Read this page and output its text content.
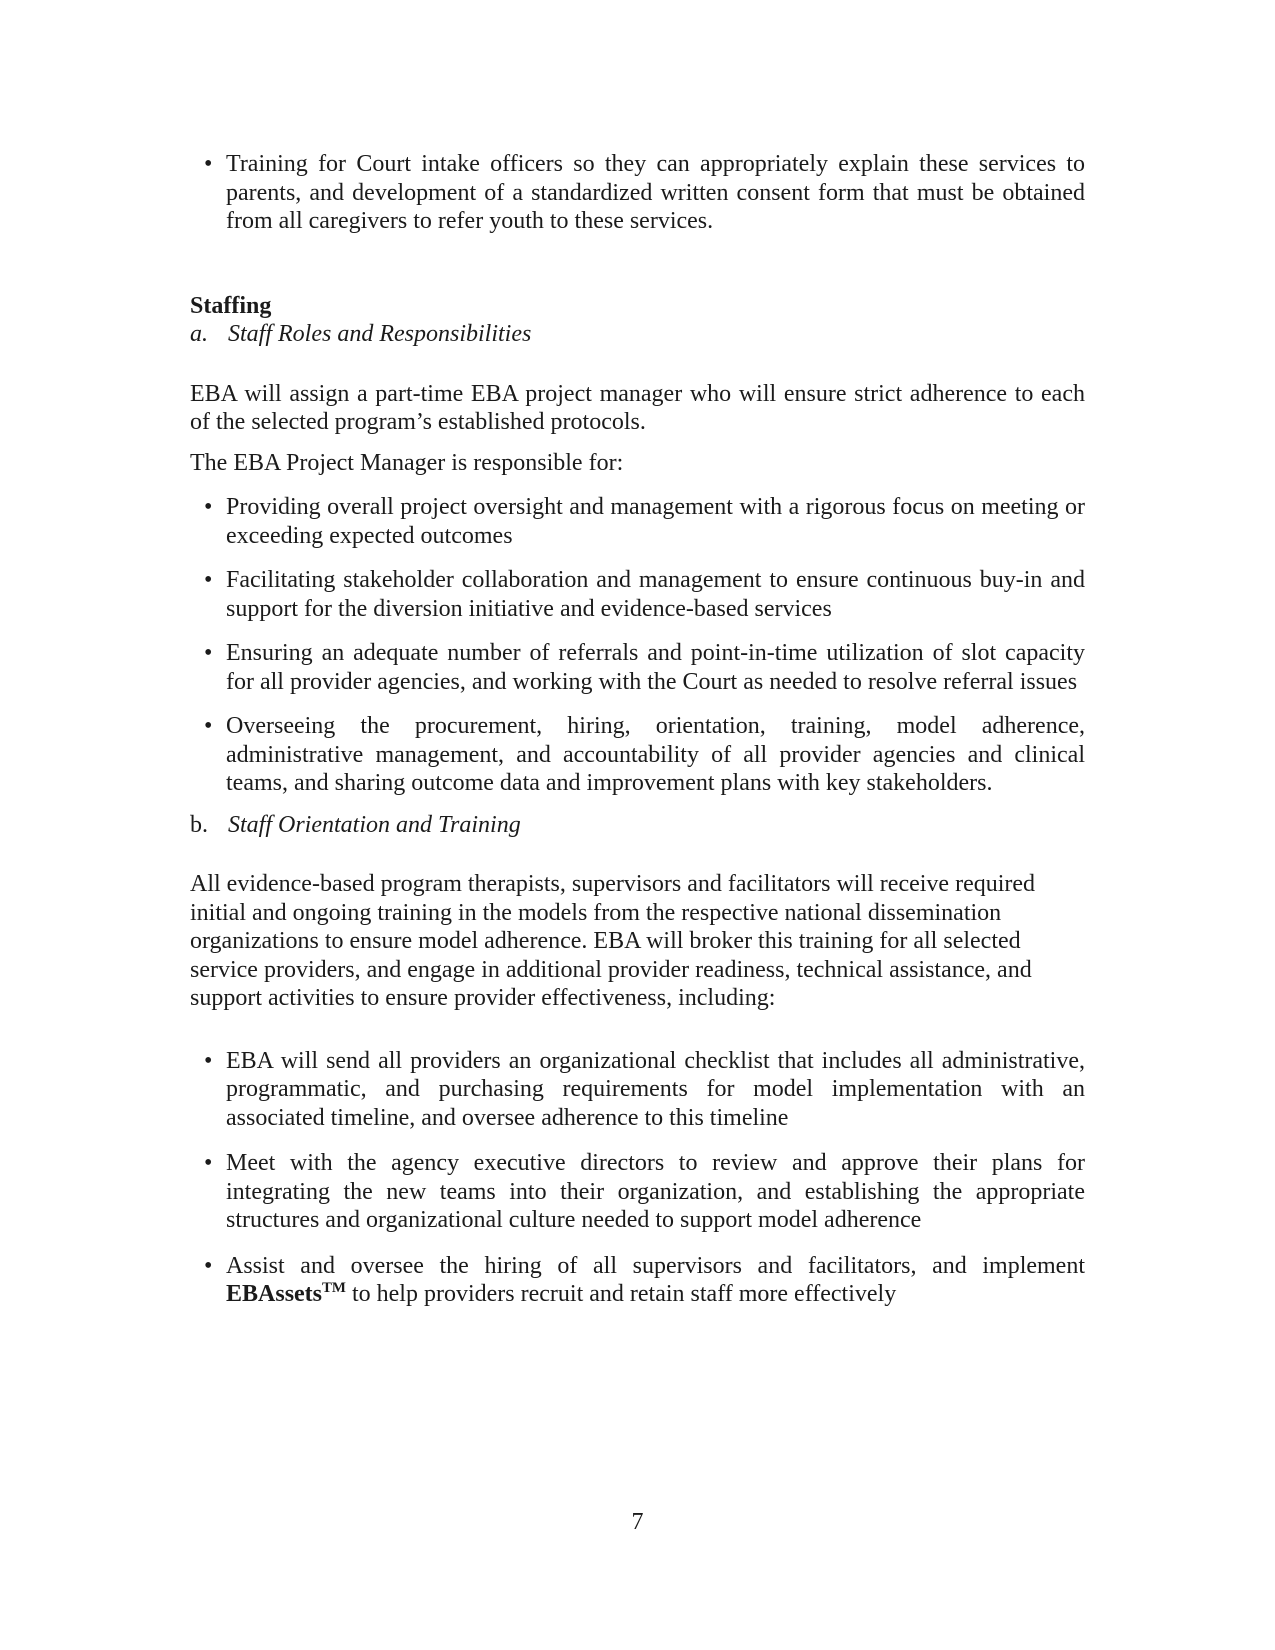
• Training for Court intake officers so they can appropriately explain these services to parents, and development of a standardized written consent form that must be obtained from all caregivers to refer youth to these services.

Staffing

a. Staff Roles and Responsibilities

EBA will assign a part-time EBA project manager who will ensure strict adherence to each of the selected program’s established protocols.

The EBA Project Manager is responsible for:

• Providing overall project oversight and management with a rigorous focus on meeting or exceeding expected outcomes
• Facilitating stakeholder collaboration and management to ensure continuous buy-in and support for the diversion initiative and evidence-based services
• Ensuring an adequate number of referrals and point-in-time utilization of slot capacity for all provider agencies, and working with the Court as needed to resolve referral issues
• Overseeing the procurement, hiring, orientation, training, model adherence, administrative management, and accountability of all provider agencies and clinical teams, and sharing outcome data and improvement plans with key stakeholders.

b. Staff Orientation and Training

All evidence-based program therapists, supervisors and facilitators will receive required initial and ongoing training in the models from the respective national dissemination organizations to ensure model adherence. EBA will broker this training for all selected service providers, and engage in additional provider readiness, technical assistance, and support activities to ensure provider effectiveness, including:

• EBA will send all providers an organizational checklist that includes all administrative, programmatic, and purchasing requirements for model implementation with an associated timeline, and oversee adherence to this timeline
• Meet with the agency executive directors to review and approve their plans for integrating the new teams into their organization, and establishing the appropriate structures and organizational culture needed to support model adherence
• Assist and oversee the hiring of all supervisors and facilitators, and implement EBAssets™ to help providers recruit and retain staff more effectively
7
